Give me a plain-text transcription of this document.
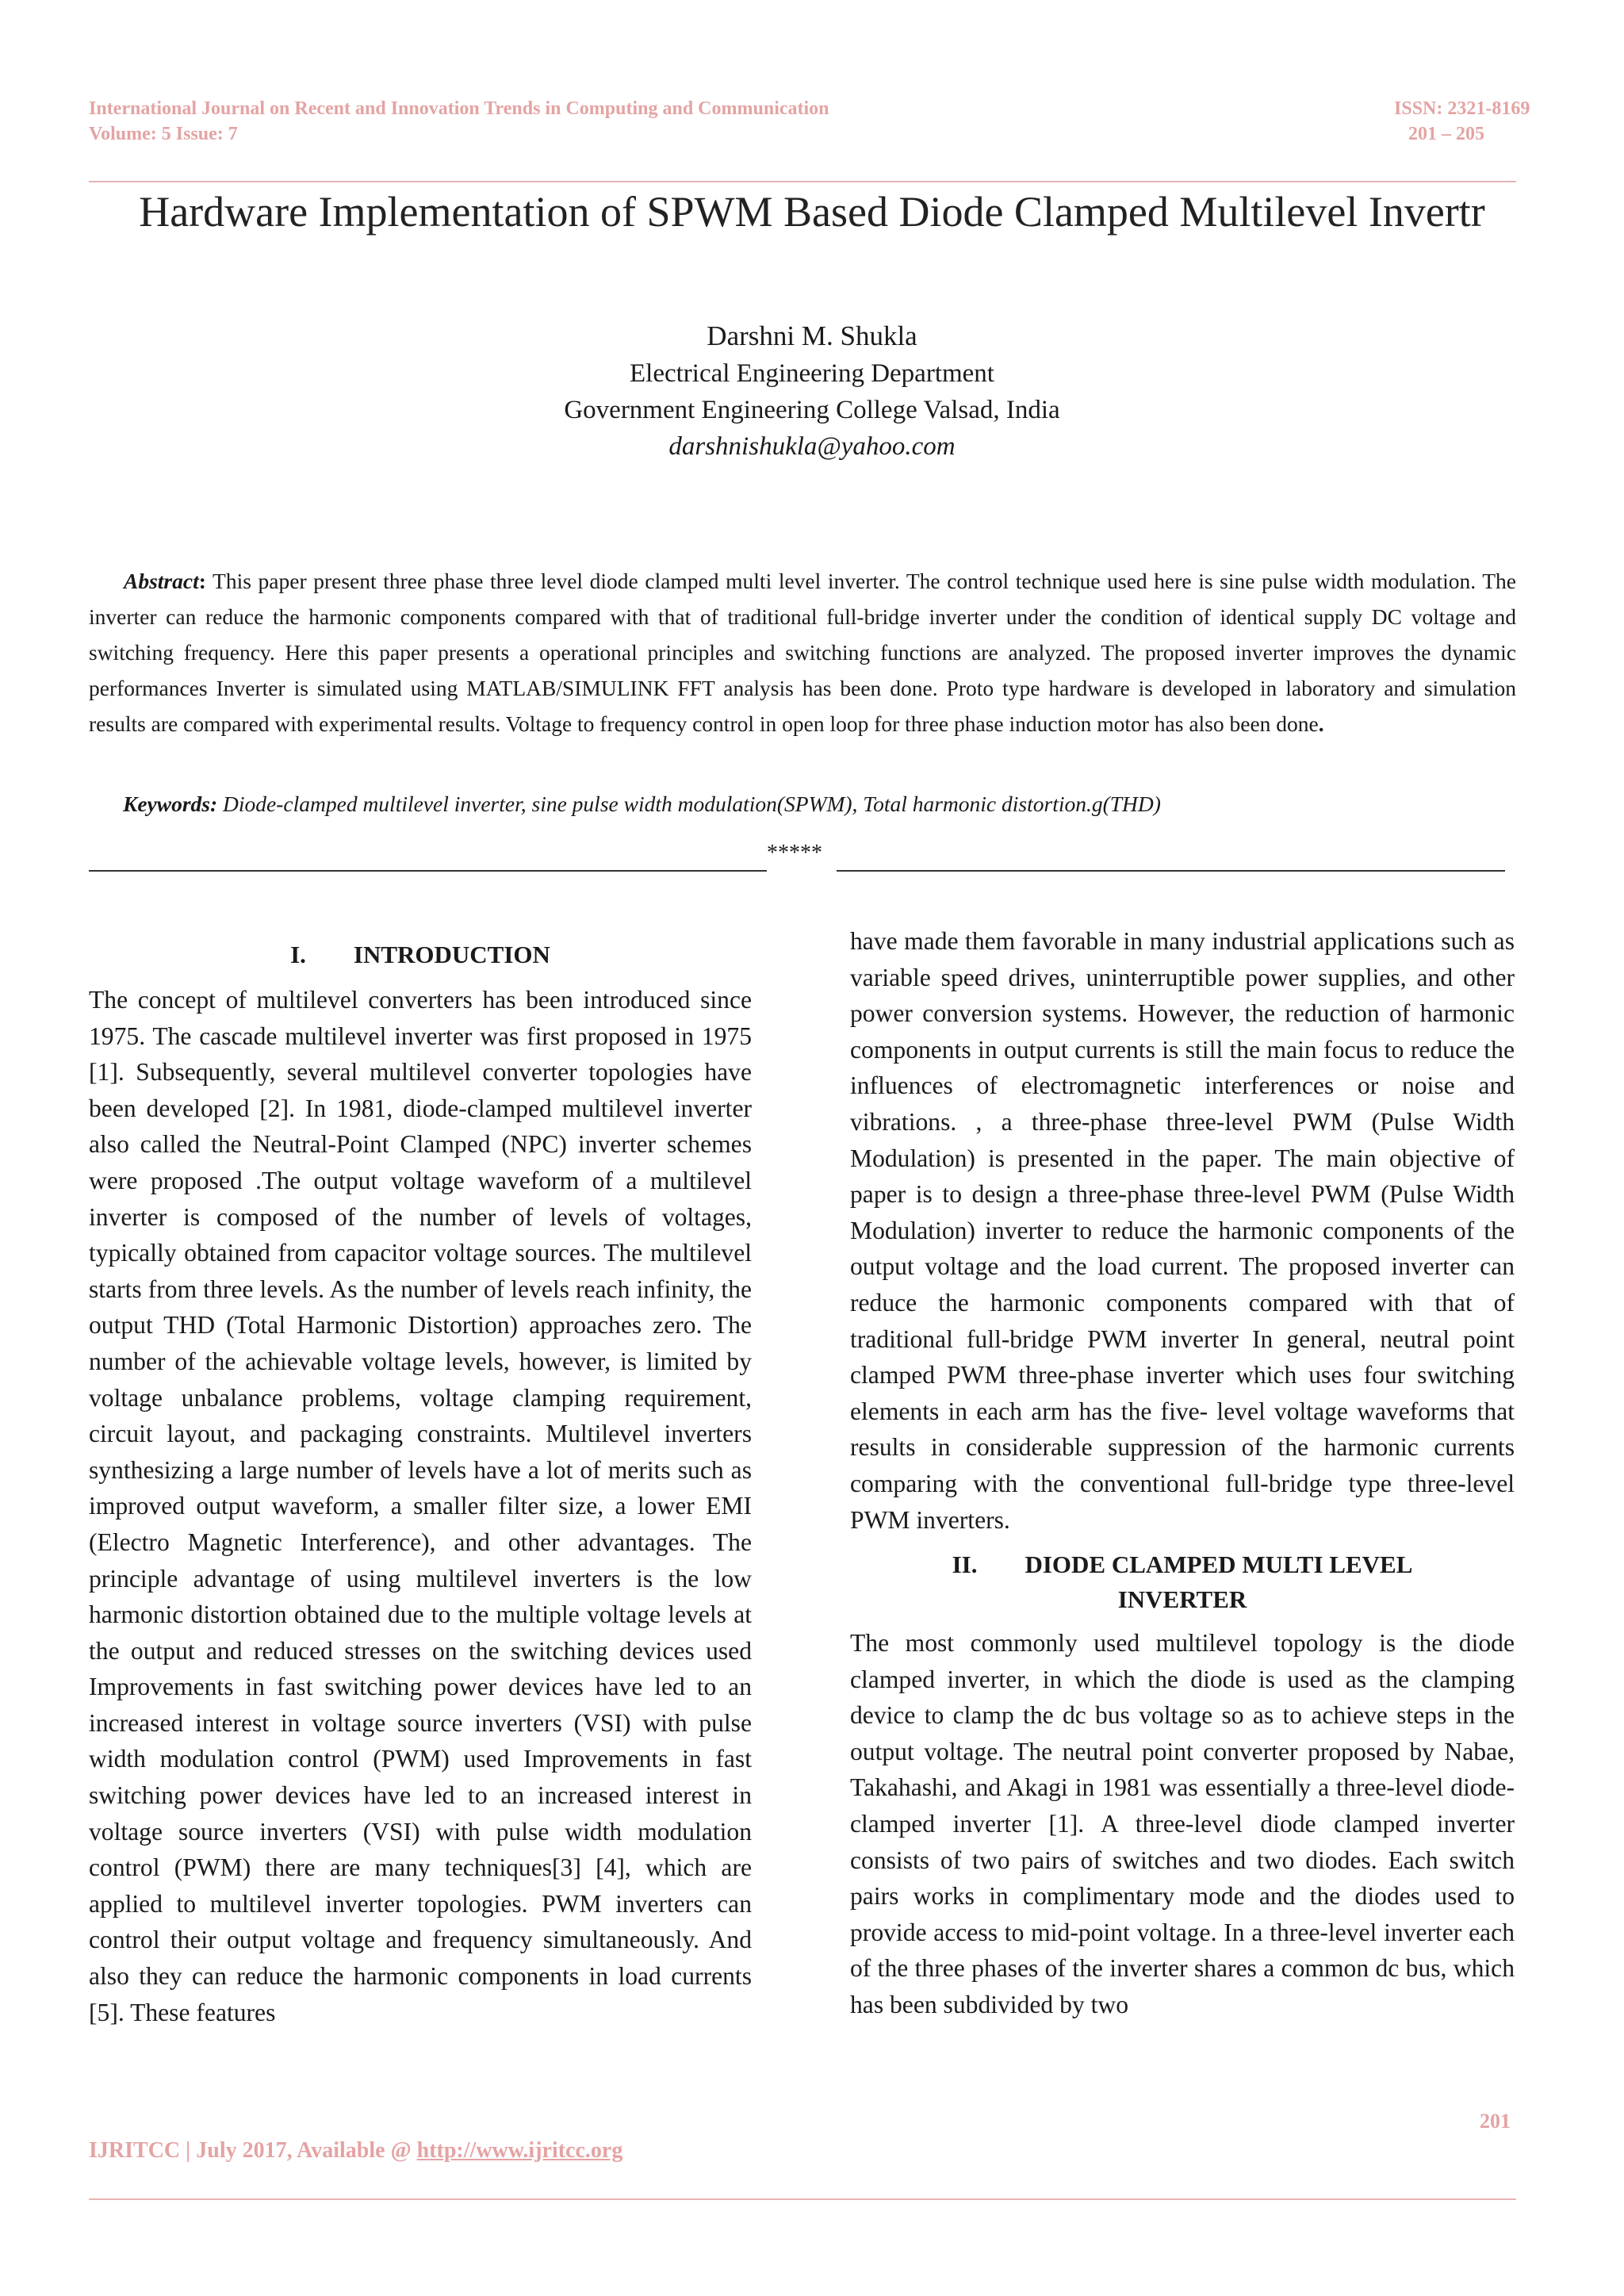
International Journal on Recent and Innovation Trends in Computing and Communication
Volume: 5 Issue: 7
ISSN: 2321-8169
201 – 205
Hardware Implementation of SPWM Based Diode Clamped Multilevel Invertr
Darshni M. Shukla
Electrical Engineering Department
Government Engineering College Valsad, India
darshnishukla@yahoo.com
Abstract: This paper present three phase three level diode clamped multi level inverter. The control technique used here is sine pulse width modulation. The inverter can reduce the harmonic components compared with that of traditional full-bridge inverter under the condition of identical supply DC voltage and switching frequency. Here this paper presents a operational principles and switching functions are analyzed. The proposed inverter improves the dynamic performances Inverter is simulated using MATLAB/SIMULINK FFT analysis has been done. Proto type hardware is developed in laboratory and simulation results are compared with experimental results. Voltage to frequency control in open loop for three phase induction motor has also been done.
Keywords: Diode-clamped multilevel inverter, sine pulse width modulation(SPWM), Total harmonic distortion.g(THD)
*****
I. INTRODUCTION

The concept of multilevel converters has been introduced since 1975. The cascade multilevel inverter was first proposed in 1975 [1]. Subsequently, several multilevel converter topologies have been developed [2]. In 1981, diode-clamped multilevel inverter also called the Neutral-Point Clamped (NPC) inverter schemes were proposed .The output voltage waveform of a multilevel inverter is composed of the number of levels of voltages, typically obtained from capacitor voltage sources. The multilevel starts from three levels. As the number of levels reach infinity, the output THD (Total Harmonic Distortion) approaches zero. The number of the achievable voltage levels, however, is limited by voltage unbalance problems, voltage clamping requirement, circuit layout, and packaging constraints. Multilevel inverters synthesizing a large number of levels have a lot of merits such as improved output waveform, a smaller filter size, a lower EMI (Electro Magnetic Interference), and other advantages. The principle advantage of using multilevel inverters is the low harmonic distortion obtained due to the multiple voltage levels at the output and reduced stresses on the switching devices used Improvements in fast switching power devices have led to an increased interest in voltage source inverters (VSI) with pulse width modulation control (PWM) used Improvements in fast switching power devices have led to an increased interest in voltage source inverters (VSI) with pulse width modulation control (PWM) there are many techniques[3] [4], which are applied to multilevel inverter topologies. PWM inverters can control their output voltage and frequency simultaneously. And also they can reduce the harmonic components in load currents [5]. These features

have made them favorable in many industrial applications such as variable speed drives, uninterruptible power supplies, and other power conversion systems. However, the reduction of harmonic components in output currents is still the main focus to reduce the influences of electromagnetic interferences or noise and vibrations. , a three-phase three-level PWM (Pulse Width Modulation) is presented in the paper. The main objective of paper is to design a three-phase three-level PWM (Pulse Width Modulation) inverter to reduce the harmonic components of the output voltage and the load current. The proposed inverter can reduce the harmonic components compared with that of traditional full-bridge PWM inverter In general, neutral point clamped PWM three-phase inverter which uses four switching elements in each arm has the five- level voltage waveforms that results in considerable suppression of the harmonic currents comparing with the conventional full-bridge type three-level PWM inverters.

II. DIODE CLAMPED MULTI LEVEL
INVERTER

The most commonly used multilevel topology is the diode clamped inverter, in which the diode is used as the clamping device to clamp the dc bus voltage so as to achieve steps in the output voltage. The neutral point converter proposed by Nabae, Takahashi, and Akagi in 1981 was essentially a three-level diode-clamped inverter [1]. A three-level diode clamped inverter consists of two pairs of switches and two diodes. Each switch pairs works in complimentary mode and the diodes used to provide access to mid-point voltage. In a three-level inverter each of the three phases of the inverter shares a common dc bus, which has been subdivided by two

201
IJRITCC | July 2017, Available @ http://www.ijritcc.org
